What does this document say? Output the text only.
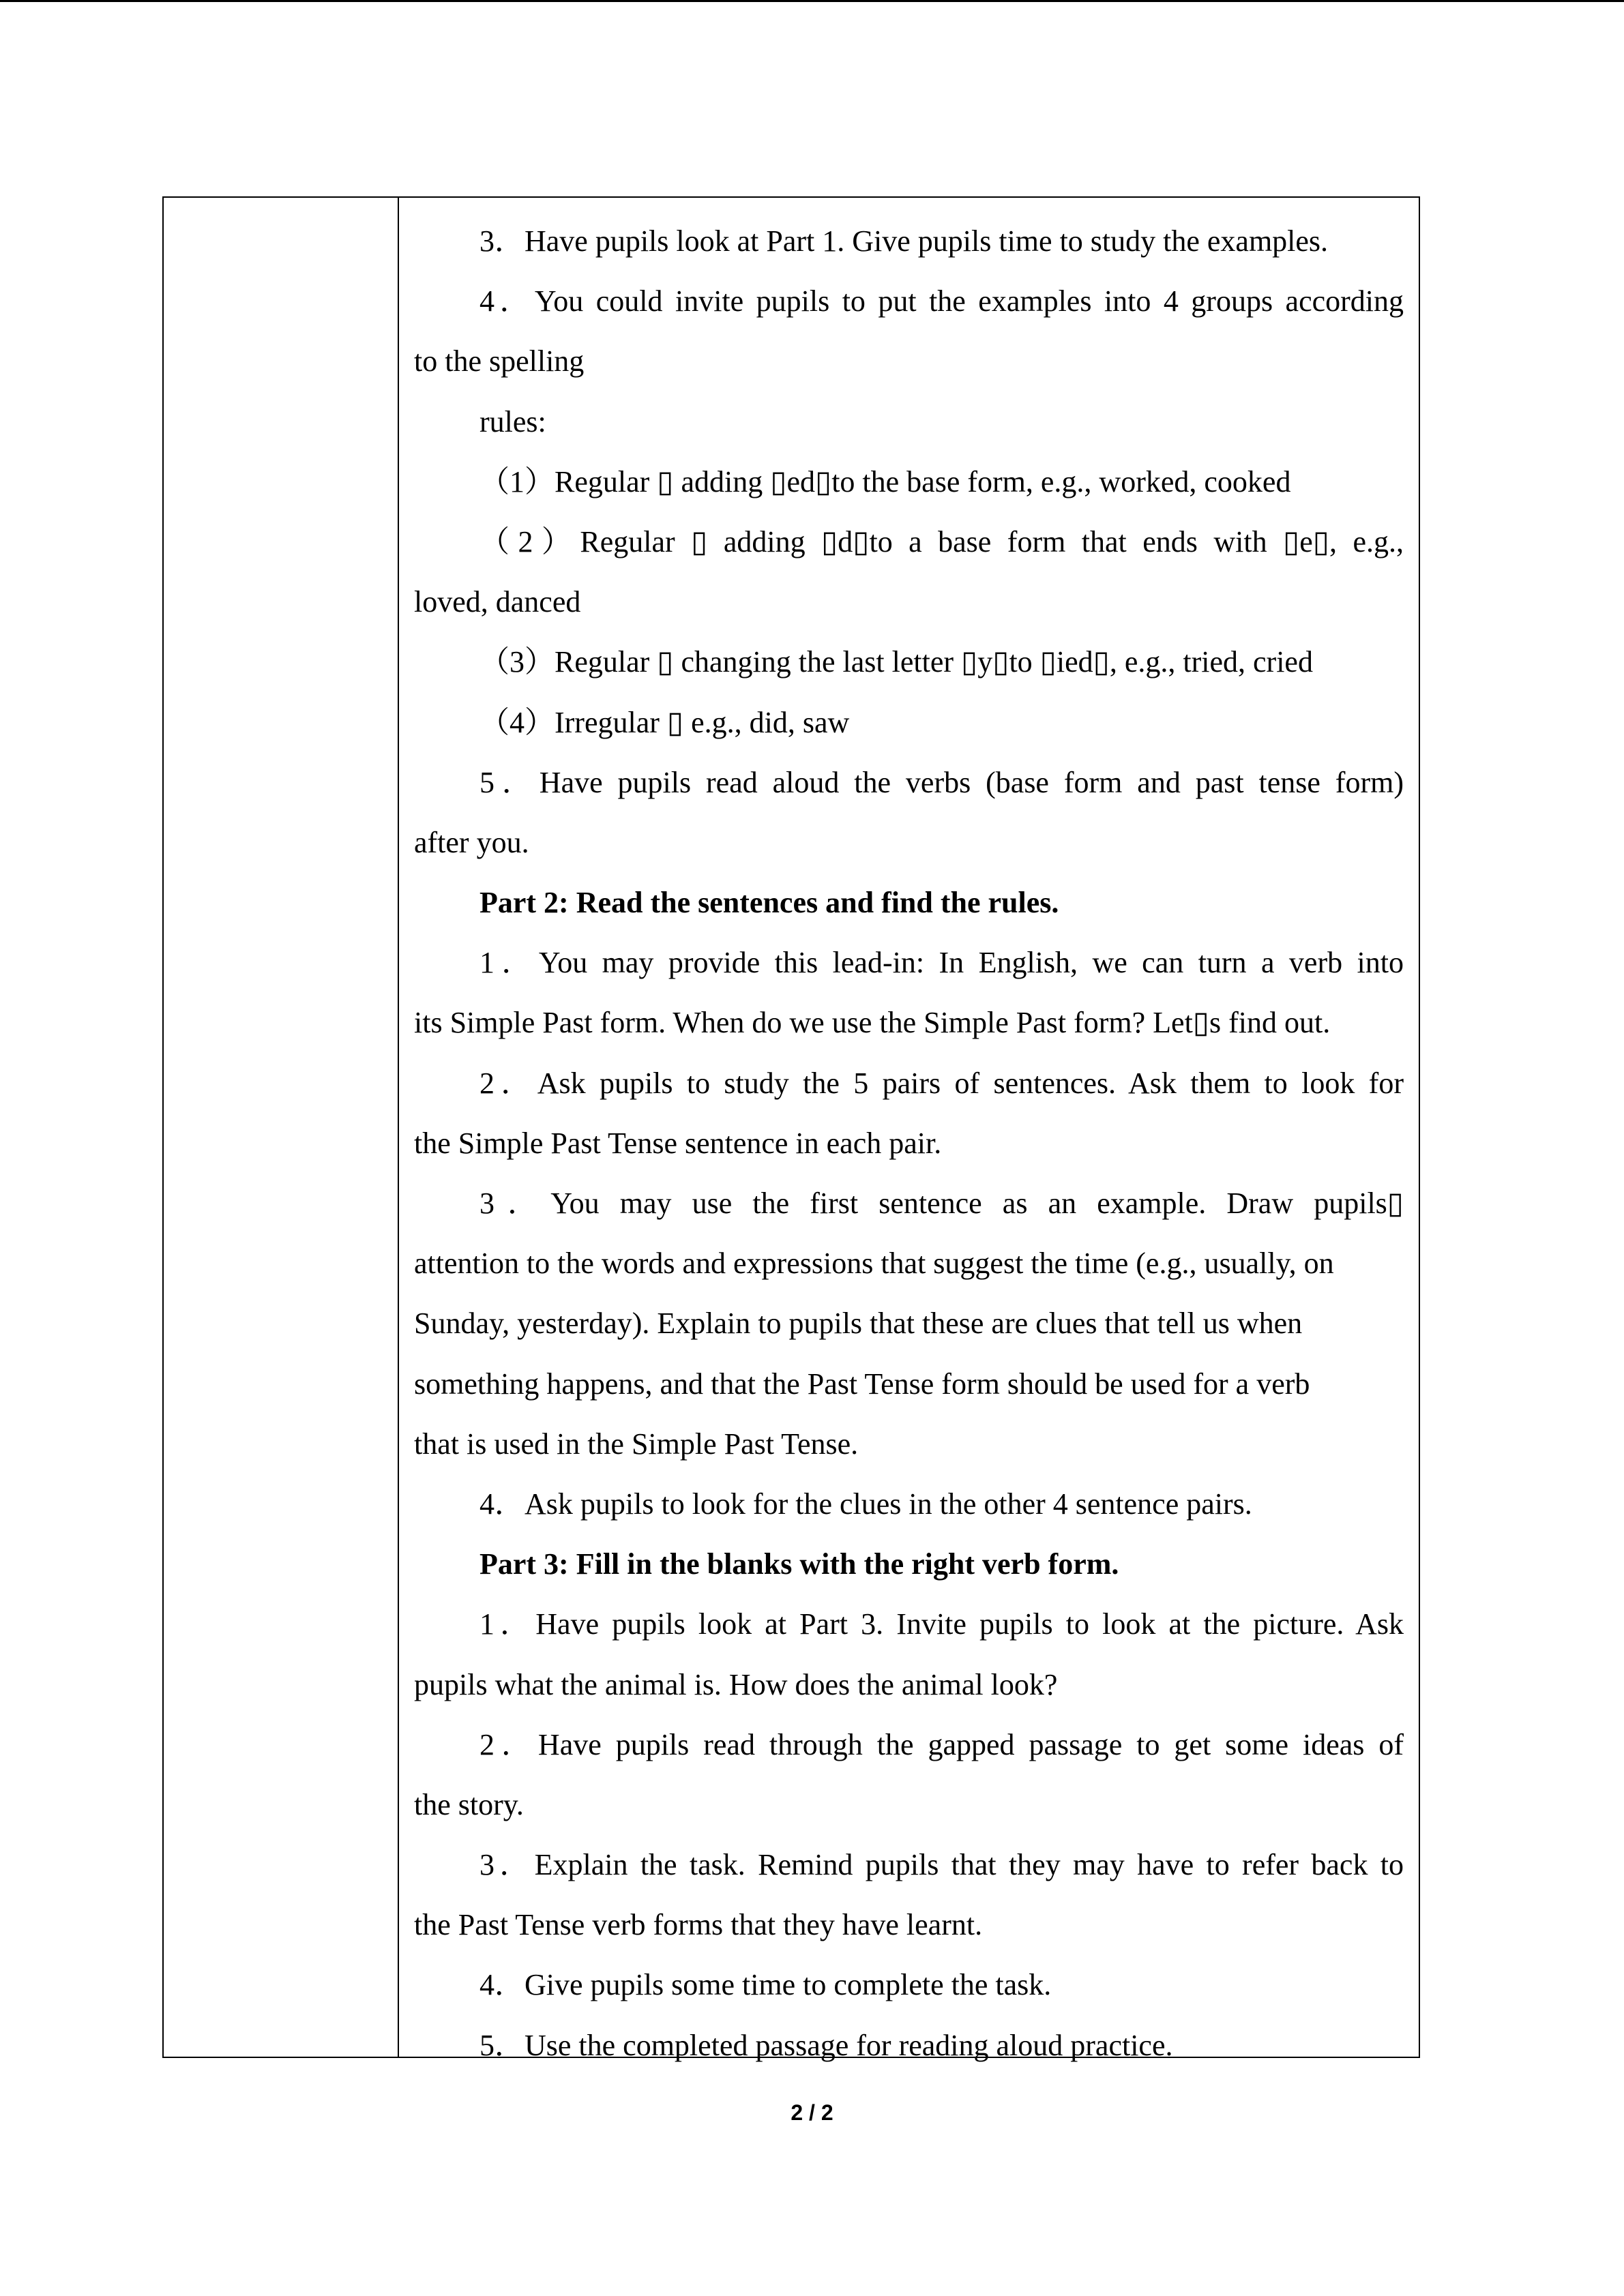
3．Have pupils look at Part 1. Give pupils time to study the examples.
4．You could invite pupils to put the examples into 4 groups according
to the spelling
rules:
（1）Regular ▯ adding ▯ed▯to the base form, e.g., worked, cooked
（2）Regular ▯ adding ▯d▯to a base form that ends with ▯e▯, e.g.,
loved, danced
（3）Regular ▯ changing the last letter ▯y▯to ▯ied▯, e.g., tried, cried
（4）Irregular ▯ e.g., did, saw
5．Have pupils read aloud the verbs (base form and past tense form)
after you.
Part 2: Read the sentences and find the rules.
1．You may provide this lead-in: In English, we can turn a verb into
its Simple Past form. When do we use the Simple Past form? Let▯s find out.
2．Ask pupils to study the 5 pairs of sentences. Ask them to look for
the Simple Past Tense sentence in each pair.
3．You may use the first sentence as an example. Draw pupils▯
attention to the words and expressions that suggest the time (e.g., usually, on
Sunday, yesterday). Explain to pupils that these are clues that tell us when
something happens, and that the Past Tense form should be used for a verb
that is used in the Simple Past Tense.
4．Ask pupils to look for the clues in the other 4 sentence pairs.
Part 3: Fill in the blanks with the right verb form.
1．Have pupils look at Part 3. Invite pupils to look at the picture. Ask
pupils what the animal is. How does the animal look?
2．Have pupils read through the gapped passage to get some ideas of
the story.
3．Explain the task. Remind pupils that they may have to refer back to
the Past Tense verb forms that they have learnt.
4．Give pupils some time to complete the task.
5．Use the completed passage for reading aloud practice.
2 / 2
